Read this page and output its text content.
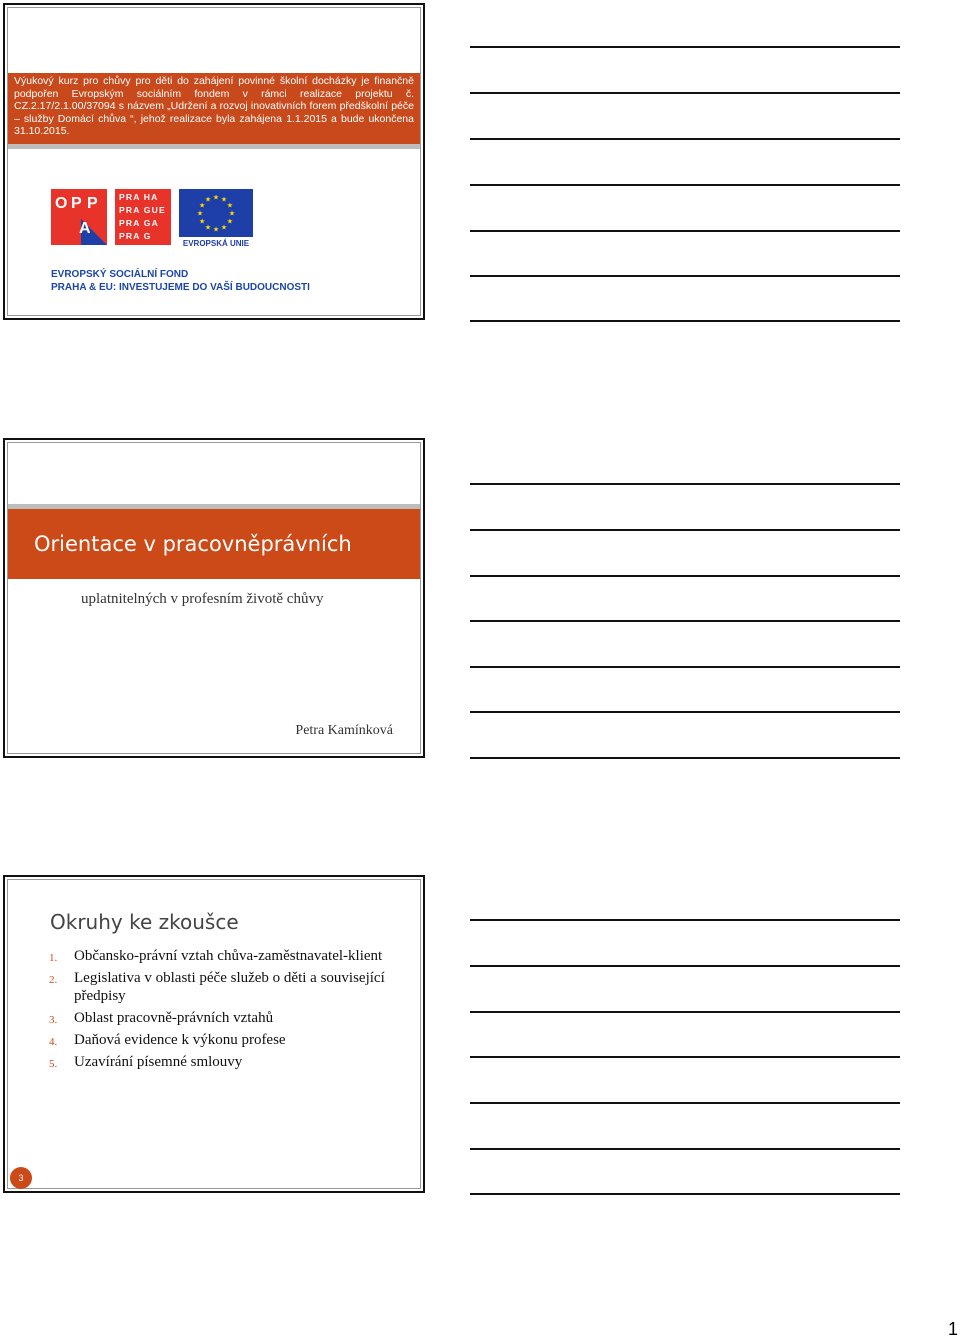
Výukový kurz pro chůvy pro děti do zahájení povinné školní docházky je finančně podpořen Evropským sociálním fondem v rámci realizace projektu č. CZ.2.17/2.1.00/37094 s názvem „Udržení a rozvoj inovativních forem předškolní péče – služby Domácí chůva “, jehož realizace byla zahájena 1.1.2015 a bude ukončena 31.10.2015.
O P P
A
PRA HA
PRA GUE
PRA GA
PRA G
★
★
★
★
★
★
★
★
★ ★ ★
★
EVROPSKÁ UNIE
EVROPSKÝ SOCIÁLNÍ FOND
PRAHA & EU: INVESTUJEME DO VAŠÍ BUDOUCNOSTI
Orientace v pracovněprávních vztazích
uplatnitelných v profesním životě chůvy
Petra Kamínková
Okruhy ke zkoušce
1. Občansko-právní vztah chůva-zaměstnavatel-klient
2. Legislativa v oblasti péče služeb o děti a související předpisy
3. Oblast pracovně-právních vztahů
4. Daňová evidence k výkonu profese
5. Uzavírání písemné smlouvy
3
1
